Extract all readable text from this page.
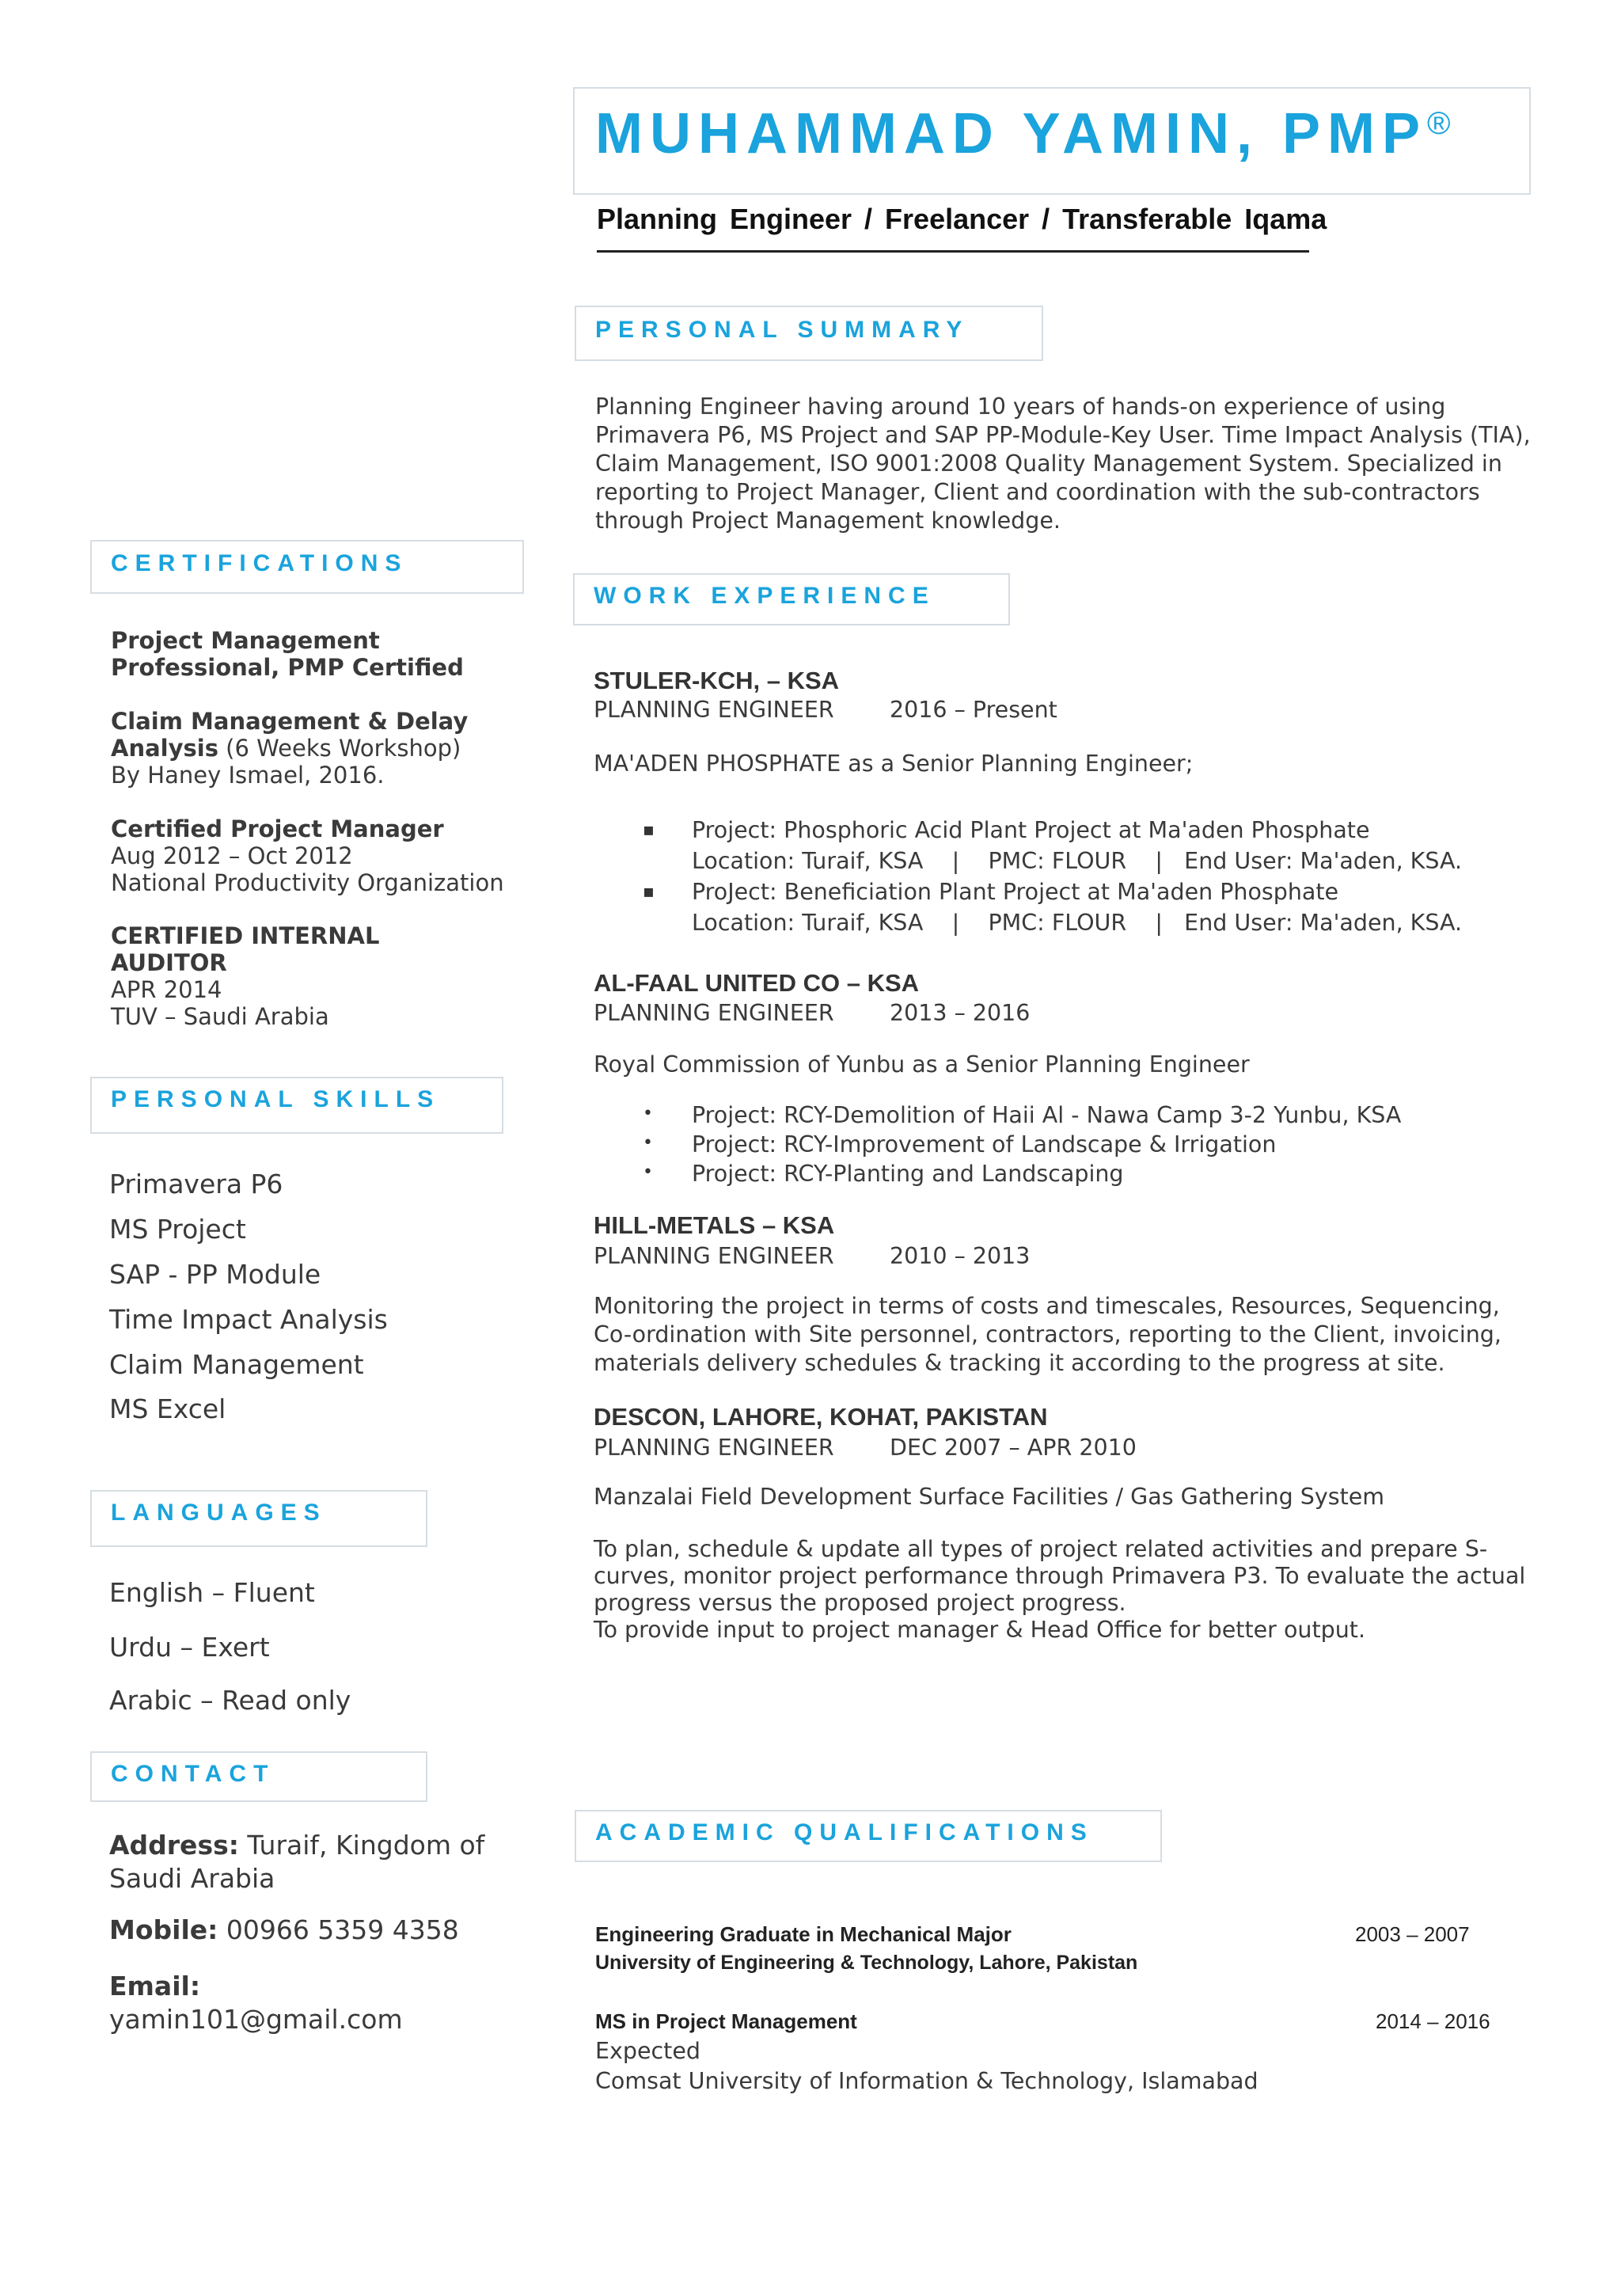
MUHAMMAD YAMIN, PMP®
Planning Engineer / Freelancer / Transferable Iqama
PERSONAL SUMMARY
Planning Engineer having around 10 years of hands-on experience of using
Primavera P6, MS Project and SAP PP-Module-Key User. Time Impact Analysis (TIA),
Claim Management, ISO 9001:2008 Quality Management System. Specialized in
reporting to Project Manager, Client and coordination with the sub-contractors
through Project Management knowledge.
CERTIFICATIONS
Project Management
Professional, PMP Certified
Claim Management & Delay
Analysis (6 Weeks Workshop)
By Haney Ismael, 2016.
Certified Project Manager
Aug 2012 – Oct 2012
National Productivity Organization
CERTIFIED INTERNAL
AUDITOR
APR 2014
TUV – Saudi Arabia
PERSONAL SKILLS
Primavera P6
MS Project
SAP - PP Module
Time Impact Analysis
Claim Management
MS Excel
LANGUAGES
English – Fluent
Urdu – Exert
Arabic – Read only
CONTACT
Address: Turaif, Kingdom of
Saudi Arabia
Mobile: 00966 5359 4358
Email:
yamin101@gmail.com
WORK EXPERIENCE
STULER-KCH, – KSA
PLANNING ENGINEER 2016 – Present
MA'ADEN PHOSPHATE as a Senior Planning Engineer;
▪ Project: Phosphoric Acid Plant Project at Ma'aden Phosphate
Location: Turaif, KSA    |    PMC: FLOUR    |   End User: Ma'aden, KSA.
▪ ProJect: Beneficiation Plant Project at Ma'aden Phosphate
Location: Turaif, KSA    |    PMC: FLOUR    |   End User: Ma'aden, KSA.
AL-FAAL UNITED CO – KSA
PLANNING ENGINEER 2013 – 2016
Royal Commission of Yunbu as a Senior Planning Engineer
• Project: RCY-Demolition of Haii Al - Nawa Camp 3-2 Yunbu, KSA
• Project: RCY-Improvement of Landscape & Irrigation
• Project: RCY-Planting and Landscaping
HILL-METALS – KSA
PLANNING ENGINEER 2010 – 2013
Monitoring the project in terms of costs and timescales, Resources, Sequencing,
Co-ordination with Site personnel, contractors, reporting to the Client, invoicing,
materials delivery schedules & tracking it according to the progress at site.
DESCON, LAHORE, KOHAT, PAKISTAN
PLANNING ENGINEER DEC 2007 – APR 2010
Manzalai Field Development Surface Facilities / Gas Gathering System
To plan, schedule & update all types of project related activities and prepare S-
curves, monitor project performance through Primavera P3. To evaluate the actual
progress versus the proposed project progress.
To provide input to project manager & Head Office for better output.
ACADEMIC QUALIFICATIONS
Engineering Graduate in Mechanical Major	2003 – 2007
University of Engineering & Technology, Lahore, Pakistan
MS in Project Management	2014 – 2016
Expected
Comsat University of Information & Technology, Islamabad
